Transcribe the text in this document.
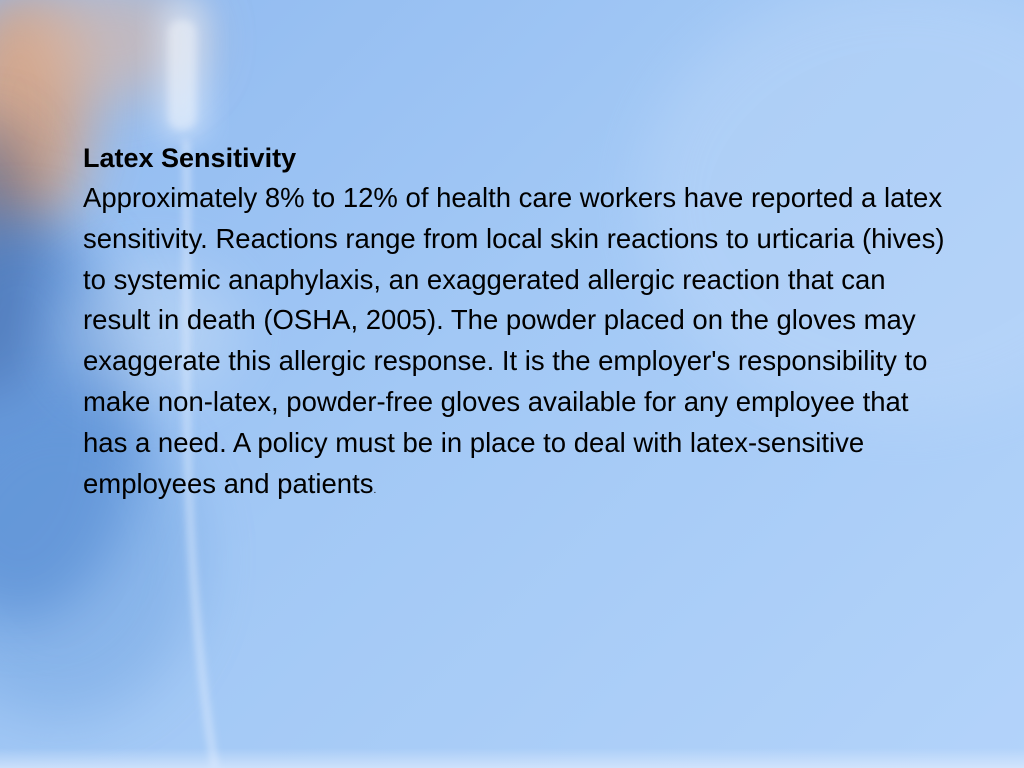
Latex Sensitivity

Approximately 8% to 12% of health care workers have reported a latex sensitivity. Reactions range from local skin reactions to urticaria (hives) to systemic anaphylaxis, an exaggerated allergic reaction that can result in death (OSHA, 2005). The powder placed on the gloves may exaggerate this allergic response. It is the employer's responsibility to make non-latex, powder-free gloves available for any employee that has a need. A policy must be in place to deal with latex-sensitive employees and patients.
